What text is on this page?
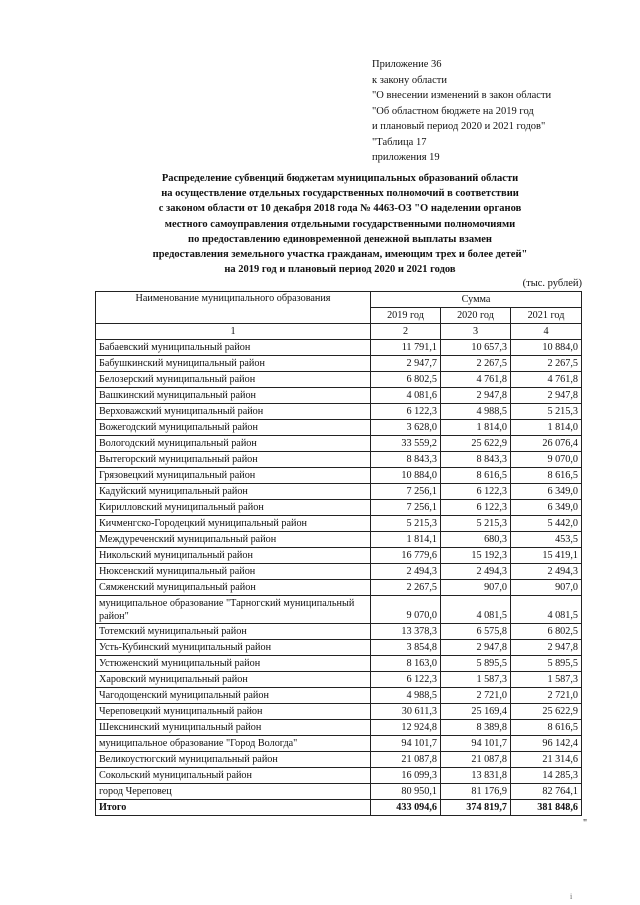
Приложение 36
к закону области
"О внесении изменений в закон области
"Об областном бюджете на 2019 год
и плановый период 2020 и 2021 годов"
"Таблица 17
приложения 19
Распределение субвенций бюджетам муниципальных образований области
на осуществление отдельных государственных полномочий в соответствии
с законом области от 10 декабря 2018 года № 4463-ОЗ "О наделении органов
местного самоуправления отдельными государственными полномочиями
по предоставлению единовременной денежной выплаты взамен
предоставления земельного участка гражданам, имеющим трех и более детей"
на 2019 год и плановый период 2020 и 2021 годов
(тыс. рублей)
Наименование муниципального образования	Сумма		
	2019 год	2020 год	2021 год
1	2	3	4
Бабаевский муниципальный район	11 791,1	10 657,3	10 884,0
Бабушкинский муниципальный район	2 947,7	2 267,5	2 267,5
Белозерский муниципальный район	6 802,5	4 761,8	4 761,8
Вашкинский муниципальный район	4 081,6	2 947,8	2 947,8
Верховажский муниципальный район	6 122,3	4 988,5	5 215,3
Вожегодский муниципальный район	3 628,0	1 814,0	1 814,0
Вологодский муниципальный район	33 559,2	25 622,9	26 076,4
Вытегорский муниципальный район	8 843,3	8 843,3	9 070,0
Грязовецкий муниципальный район	10 884,0	8 616,5	8 616,5
Кадуйский муниципальный район	7 256,1	6 122,3	6 349,0
Кирилловский муниципальный район	7 256,1	6 122,3	6 349,0
Кичменгско-Городецкий муниципальный район	5 215,3	5 215,3	5 442,0
Междуреченский муниципальный район	1 814,1	680,3	453,5
Никольский муниципальный район	16 779,6	15 192,3	15 419,1
Нюксенский муниципальный район	2 494,3	2 494,3	2 494,3
Сямженский муниципальный район	2 267,5	907,0	907,0
муниципальное образование "Тарногский муниципальный район"	9 070,0	4 081,5	4 081,5
Тотемский муниципальный район	13 378,3	6 575,8	6 802,5
Усть-Кубинский муниципальный район	3 854,8	2 947,8	2 947,8
Устюженский муниципальный район	8 163,0	5 895,5	5 895,5
Харовский муниципальный район	6 122,3	1 587,3	1 587,3
Чагодощенский муниципальный район	4 988,5	2 721,0	2 721,0
Череповецкий муниципальный район	30 611,3	25 169,4	25 622,9
Шекснинский муниципальный район	12 924,8	8 389,8	8 616,5
муниципальное образование "Город Вологда"	94 101,7	94 101,7	96 142,4
Великоустюгский муниципальный район	21 087,8	21 087,8	21 314,6
Сокольский муниципальный район	16 099,3	13 831,8	14 285,3
город Череповец	80 950,1	81 176,9	82 764,1
Итого	433 094,6	374 819,7	381 848,6
"
i
